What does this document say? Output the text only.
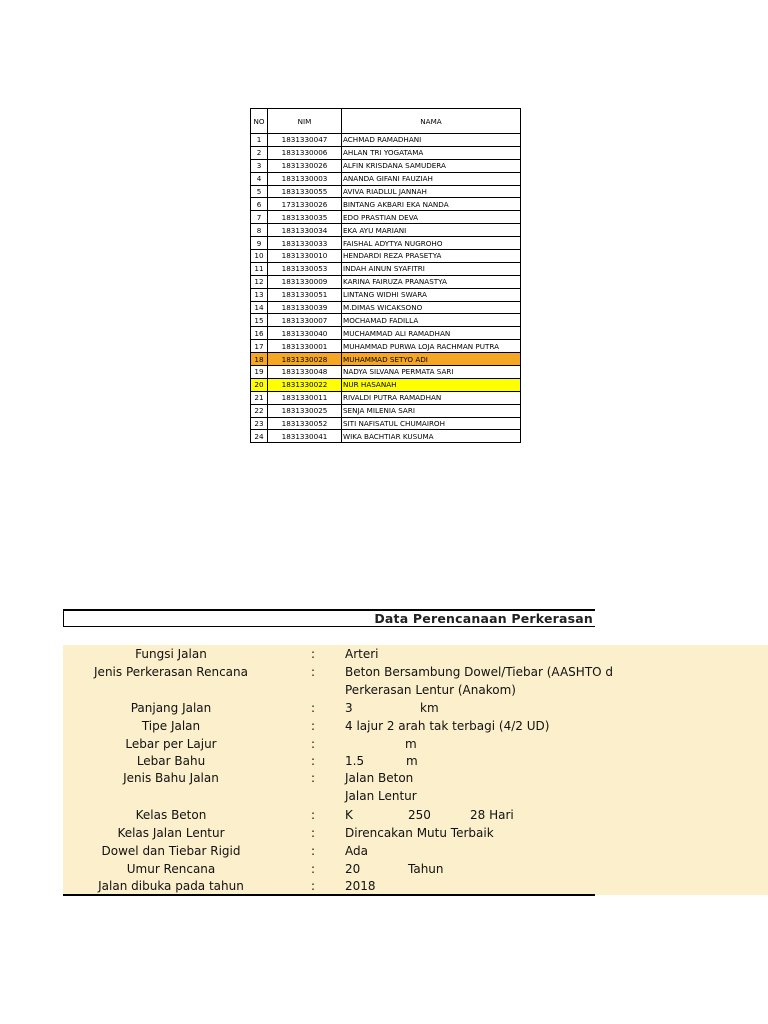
NO	NIM	NAMA
1	1831330047	ACHMAD RAMADHANI
2	1831330006	AHLAN TRI YOGATAMA
3	1831330026	ALFIN KRISDANA SAMUDERA
4	1831330003	ANANDA GIFANI FAUZIAH
5	1831330055	AVIVA RIADLUL JANNAH
6	1731330026	BINTANG AKBARI EKA NANDA
7	1831330035	EDO PRASTIAN DEVA
8	1831330034	EKA AYU MARIANI
9	1831330033	FAISHAL ADYTYA NUGROHO
10	1831330010	HENDARDI REZA PRASETYA
11	1831330053	INDAH AINUN SYAFITRI
12	1831330009	KARINA FAIRUZA PRANASTYA
13	1831330051	LINTANG WIDHI SWARA
14	1831330039	M.DIMAS WICAKSONO
15	1831330007	MOCHAMAD FADILLA
16	1831330040	MUCHAMMAD ALI RAMADHAN
17	1831330001	MUHAMMAD PURWA LOJA RACHMAN PUTRA
18	1831330028	MUHAMMAD SETYO ADI
19	1831330048	NADYA SILVANA PERMATA SARI
20	1831330022	NUR HASANAH
21	1831330011	RIVALDI PUTRA RAMADHAN
22	1831330025	SENJA MILENIA SARI
23	1831330052	SITI NAFISATUL CHUMAIROH
24	1831330041	WIKA BACHTIAR KUSUMA
Data Perencanaan Perkerasan
Fungsi Jalan	: Arteri
Jenis Perkerasan Rencana	: Beton Bersambung Dowel/Tiebar (AASHTO d
Perkerasan Lentur (Anakom)
Panjang Jalan	: 3	km
Tipe Jalan	: 4 lajur 2 arah tak terbagi (4/2 UD)
Lebar per Lajur	:	m
Lebar Bahu	: 1.5	m
Jenis Bahu Jalan	: Jalan Beton
Jalan Lentur
Kelas Beton	: K	250	28 Hari
Kelas Jalan Lentur	: Direncakan Mutu Terbaik
Dowel dan Tiebar Rigid	: Ada
Umur Rencana	: 20	Tahun
Jalan dibuka pada tahun	: 2018
